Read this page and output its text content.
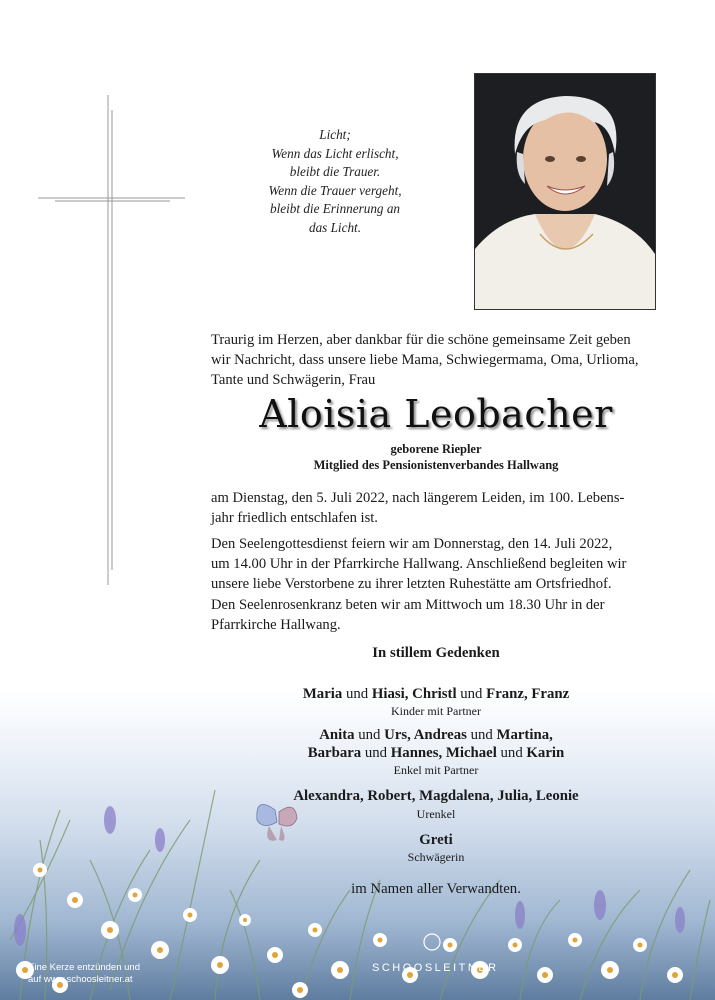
Licht;
Wenn das Licht erlischt,
bleibt die Trauer.
Wenn die Trauer vergeht,
bleibt die Erinnerung an
das Licht.
Traurig im Herzen, aber dankbar für die schöne gemeinsame Zeit geben
wir Nachricht, dass unsere liebe Mama, Schwiegermama, Oma, Urlioma,
Tante und Schwägerin, Frau
Aloisia Leobacher
geborene Riepler
Mitglied des Pensionistenverbandes Hallwang
am Dienstag, den 5. Juli 2022, nach längerem Leiden, im 100. Lebens-
jahr friedlich entschlafen ist.
Den Seelengottesdienst feiern wir am Donnerstag, den 14. Juli 2022,
um 14.00 Uhr in der Pfarrkirche Hallwang. Anschließend begleiten wir
unsere liebe Verstorbene zu ihrer letzten Ruhestätte am Ortsfriedhof.
Den Seelenrosenkranz beten wir am Mittwoch um 18.30 Uhr in der
Pfarrkirche Hallwang.
In stillem Gedenken
Maria und Hiasi, Christl und Franz, Franz
Kinder mit Partner
Anita und Urs, Andreas und Martina,
Barbara und Hannes, Michael und Karin
Enkel mit Partner
Alexandra, Robert, Magdalena, Julia, Leonie
Urenkel
Greti
Schwägerin
im Namen aller Verwandten.
Eine Kerze entzünden und
auf www.schoosleitner.at
SCHOOSLEITNER
